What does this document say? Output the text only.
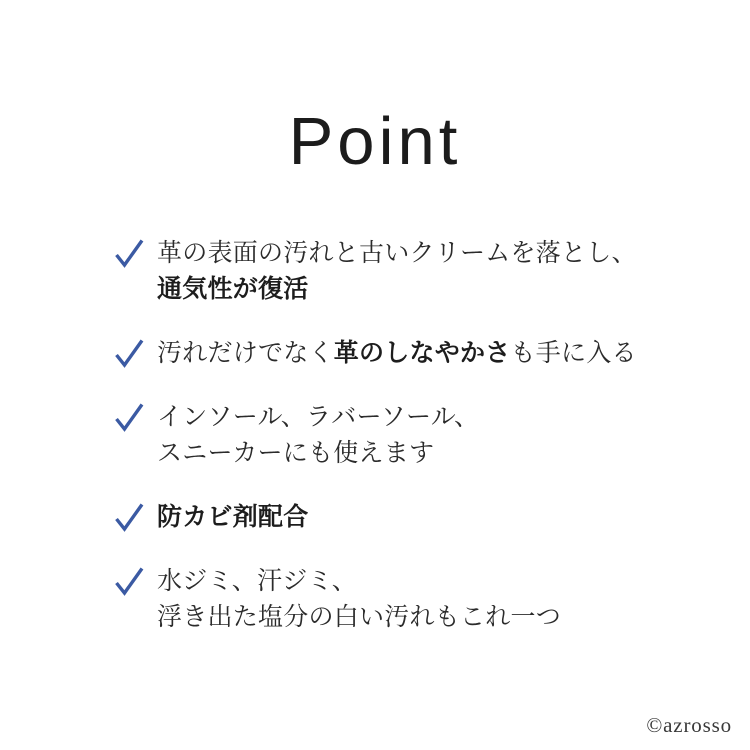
Point
革の表面の汚れと古いクリームを落とし、
通気性が復活
汚れだけでなく革のしなやかさも手に入る
インソール、ラバーソール、
スニーカーにも使えます
防カビ剤配合
水ジミ、汗ジミ、
浮き出た塩分の白い汚れもこれ一つ
©azrosso
